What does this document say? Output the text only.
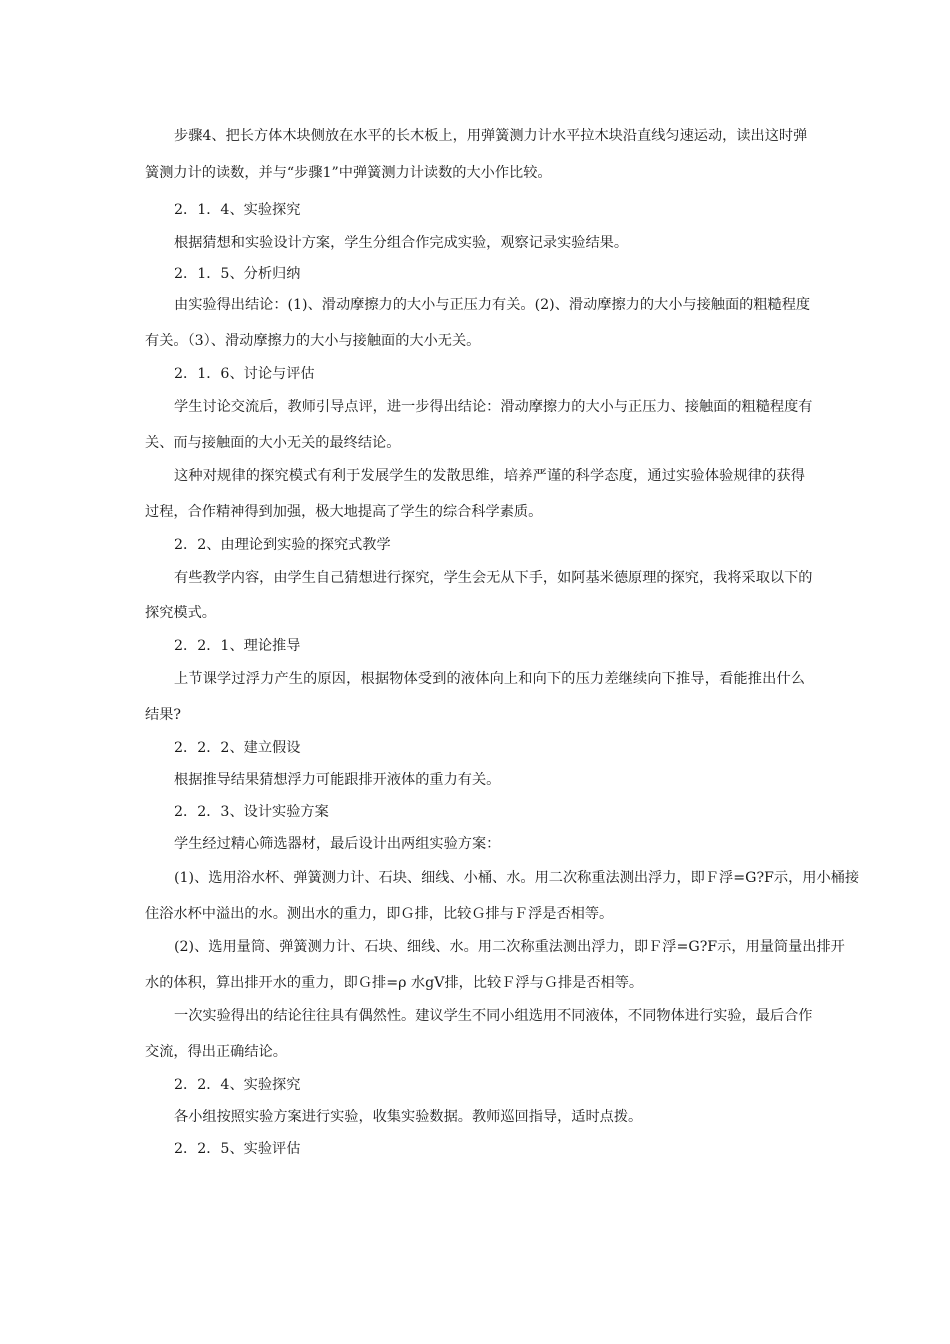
步骤4、把长方体木块侧放在水平的长木板上，用弹簧测力计水平拉木块沿直线匀速运动，读出这时弹
簧测力计的读数，并与“步骤1”中弹簧测力计读数的大小作比较。
2．1．4、实验探究
根据猜想和实验设计方案，学生分组合作完成实验，观察记录实验结果。
2．1．5、分析归纳
由实验得出结论：(1)、滑动摩擦力的大小与正压力有关。(2)、滑动摩擦力的大小与接触面的粗糙程度
有关。（3）、滑动摩擦力的大小与接触面的大小无关。
2．1．6、讨论与评估
学生讨论交流后，教师引导点评，进一步得出结论：滑动摩擦力的大小与正压力、接触面的粗糙程度有
关、而与接触面的大小无关的最终结论。
这种对规律的探究模式有利于发展学生的发散思维，培养严谨的科学态度，通过实验体验规律的获得
过程，合作精神得到加强，极大地提高了学生的综合科学素质。
2．2、由理论到实验的探究式教学
有些教学内容，由学生自己猜想进行探究，学生会无从下手，如阿基米德原理的探究，我将采取以下的
探究模式。
2．2．1、理论推导
上节课学过浮力产生的原因，根据物体受到的液体向上和向下的压力差继续向下推导，看能推出什么
结果?
2．2．2、建立假设
根据推导结果猜想浮力可能跟排开液体的重力有关。
2．2．3、设计实验方案
学生经过精心筛选器材，最后设计出两组实验方案：
(1)、选用浴水杯、弹簧测力计、石块、细线、小桶、水。用二次称重法测出浮力，即Ｆ浮=G?F示，用小桶接
住浴水杯中溢出的水。测出水的重力，即Ｇ排，比较Ｇ排与Ｆ浮是否相等。
(2)、选用量筒、弹簧测力计、石块、细线、水。用二次称重法测出浮力，即Ｆ浮=G?F示，用量筒量出排开
水的体积，算出排开水的重力，即Ｇ排=ρ 水gV排，比较Ｆ浮与Ｇ排是否相等。
一次实验得出的结论往往具有偶然性。建议学生不同小组选用不同液体，不同物体进行实验，最后合作
交流，得出正确结论。
2．2．4、实验探究
各小组按照实验方案进行实验，收集实验数据。教师巡回指导，适时点拨。
2．2．5、实验评估
